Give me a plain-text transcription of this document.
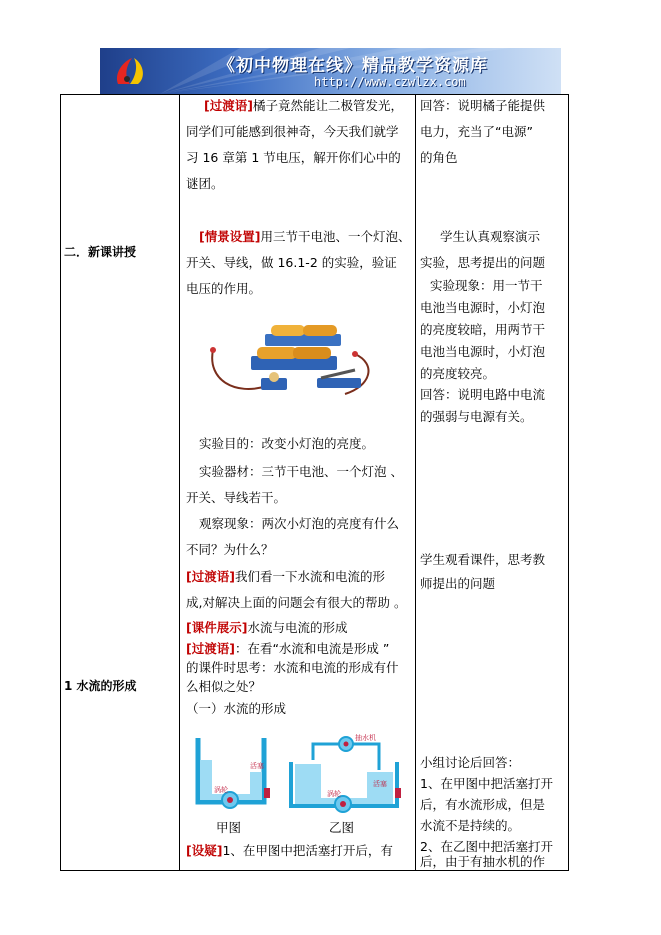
《初中物理在线》精品教学资源库
http://www.czwlzx.com
二．新课讲授
1 水流的形成
[过渡语]橘子竟然能让二极管发光，
同学们可能感到很神奇，今天我们就学
习 16 章第 1 节电压，解开你们心中的
谜团。
[情景设置]用三节干电池、一个灯泡、
开关、导线，做 16.1-2 的实验，验证
电压的作用。
实验目的：改变小灯泡的亮度。
实验器材：三节干电池、一个灯泡 、
开关、导线若干。
观察现象：两次小灯泡的亮度有什么
不同？为什么？
[过渡语]我们看一下水流和电流的形
成,对解决上面的问题会有很大的帮助 。
[课件展示]水流与电流的形成
[过渡语]：在看“水流和电流是形成 ”
的课件时思考：水流和电流的形成有什
么相似之处？
（一）水流的形成
涡轮
活塞
抽水机
涡轮
活塞
甲图	乙图
[设疑]1、在甲图中把活塞打开后，有
回答：说明橘子能提供
电力，充当了“电源”
的角色
学生认真观察演示
实验，思考提出的问题
实验现象：用一节干
电池当电源时，小灯泡
的亮度较暗，用两节干
电池当电源时，小灯泡
的亮度较亮。
回答：说明电路中电流
的强弱与电源有关。
学生观看课件，思考教
师提出的问题
小组讨论后回答：
1、在甲图中把活塞打开
后，有水流形成，但是
水流不是持续的。
2、在乙图中把活塞打开
后，由于有抽水机的作
